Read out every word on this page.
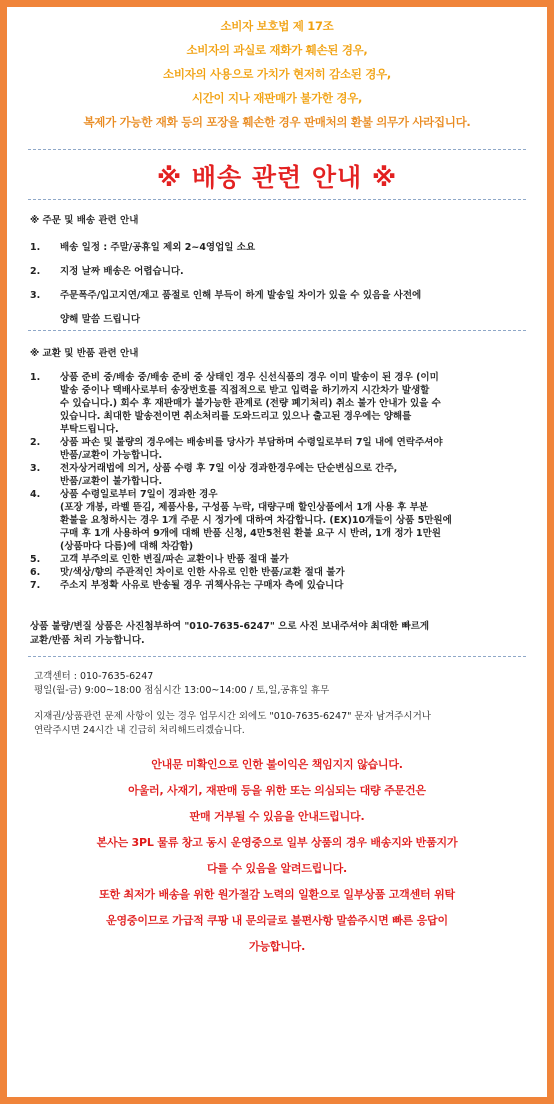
소비자 보호법 제 17조
소비자의 과실로 재화가 훼손된 경우,
소비자의 사용으로 가치가 현저히 감소된 경우,
시간이 지나 재판매가 불가한 경우,
복제가 가능한 재화 등의 포장을 훼손한 경우 판매처의 환불 의무가 사라집니다.
※ 배송 관련 안내 ※
※ 주문 및 배송 관련 안내
1. 배송 일정 : 주말/공휴일 제외 2~4영업일 소요
2. 지정 날짜 배송은 어렵습니다.
3. 주문폭주/입고지연/재고 품절로 인해 부득이 하게 발송일 차이가 있을 수 있음을 사전에
양해 말씀 드립니다
※ 교환 및 반품 관련 안내
1. 상품 준비 중/배송 중/배송 준비 중 상태인 경우 신선식품의 경우 이미 발송이 된 경우 (이미
발송 중이나 택배사로부터 송장번호를 직접적으로 받고 입력을 하기까지 시간차가 발생할
수 있습니다.) 회수 후 재판매가 불가능한 관계로 (전량 폐기처리) 취소 불가 안내가 있을 수
있습니다. 최대한 발송전이면 취소처리를 도와드리고 있으나 출고된 경우에는 양해를
부탁드립니다.
2. 상품 파손 및 불량의 경우에는 배송비를 당사가 부담하며 수령일로부터 7일 내에 연락주셔야
반품/교환이 가능합니다.
3. 전자상거래법에 의거, 상품 수령 후 7일 이상 경과한경우에는 단순변심으로 간주,
반품/교환이 불가합니다.
4. 상품 수령일로부터 7일이 경과한 경우
(포장 개봉, 라벨 뜯김, 제품사용, 구성품 누락, 대량구매 할인상품에서 1개 사용 후 부분
환불을 요청하시는 경우 1개 주문 시 정가에 대하여 차감합니다. (EX)10개들이 상품 5만원에
구매 후 1개 사용하여 9개에 대해 반품 신청, 4만5천원 환불 요구 시 반려, 1개 정가 1만원
(상품마다 다름)에 대해 차감함)
5. 고객 부주의로 인한 변질/파손 교환이나 반품 절대 불가
6. 맛/색상/향의 주관적인 차이로 인한 사유로 인한 반품/교환 절대 불가
7. 주소지 부정확 사유로 반송될 경우 귀책사유는 구매자 측에 있습니다
상품 불량/변질 상품은 사진첨부하여 "010-7635-6247" 으로 사진 보내주셔야 최대한 빠르게
교환/반품 처리 가능합니다.
고객센터 : 010-7635-6247
평일(월-금) 9:00~18:00 점심시간 13:00~14:00 / 토,일,공휴일 휴무
지재권/상품관련 문제 사항이 있는 경우 업무시간 외에도 "010-7635-6247" 문자 남겨주시거나
연락주시면 24시간 내 긴급히 처리해드리겠습니다.
안내문 미확인으로 인한 불이익은 책임지지 않습니다.
아울러, 사재기, 재판매 등을 위한 또는 의심되는 대량 주문건은
판매 거부될 수 있음을 안내드립니다.
본사는 3PL 물류 창고 동시 운영중으로 일부 상품의 경우 배송지와 반품지가
다를 수 있음을 알려드립니다.
또한 최저가 배송을 위한 원가절감 노력의 일환으로 일부상품 고객센터 위탁
운영중이므로 가급적 쿠팡 내 문의글로 불편사항 말씀주시면 빠른 응답이
가능합니다.
